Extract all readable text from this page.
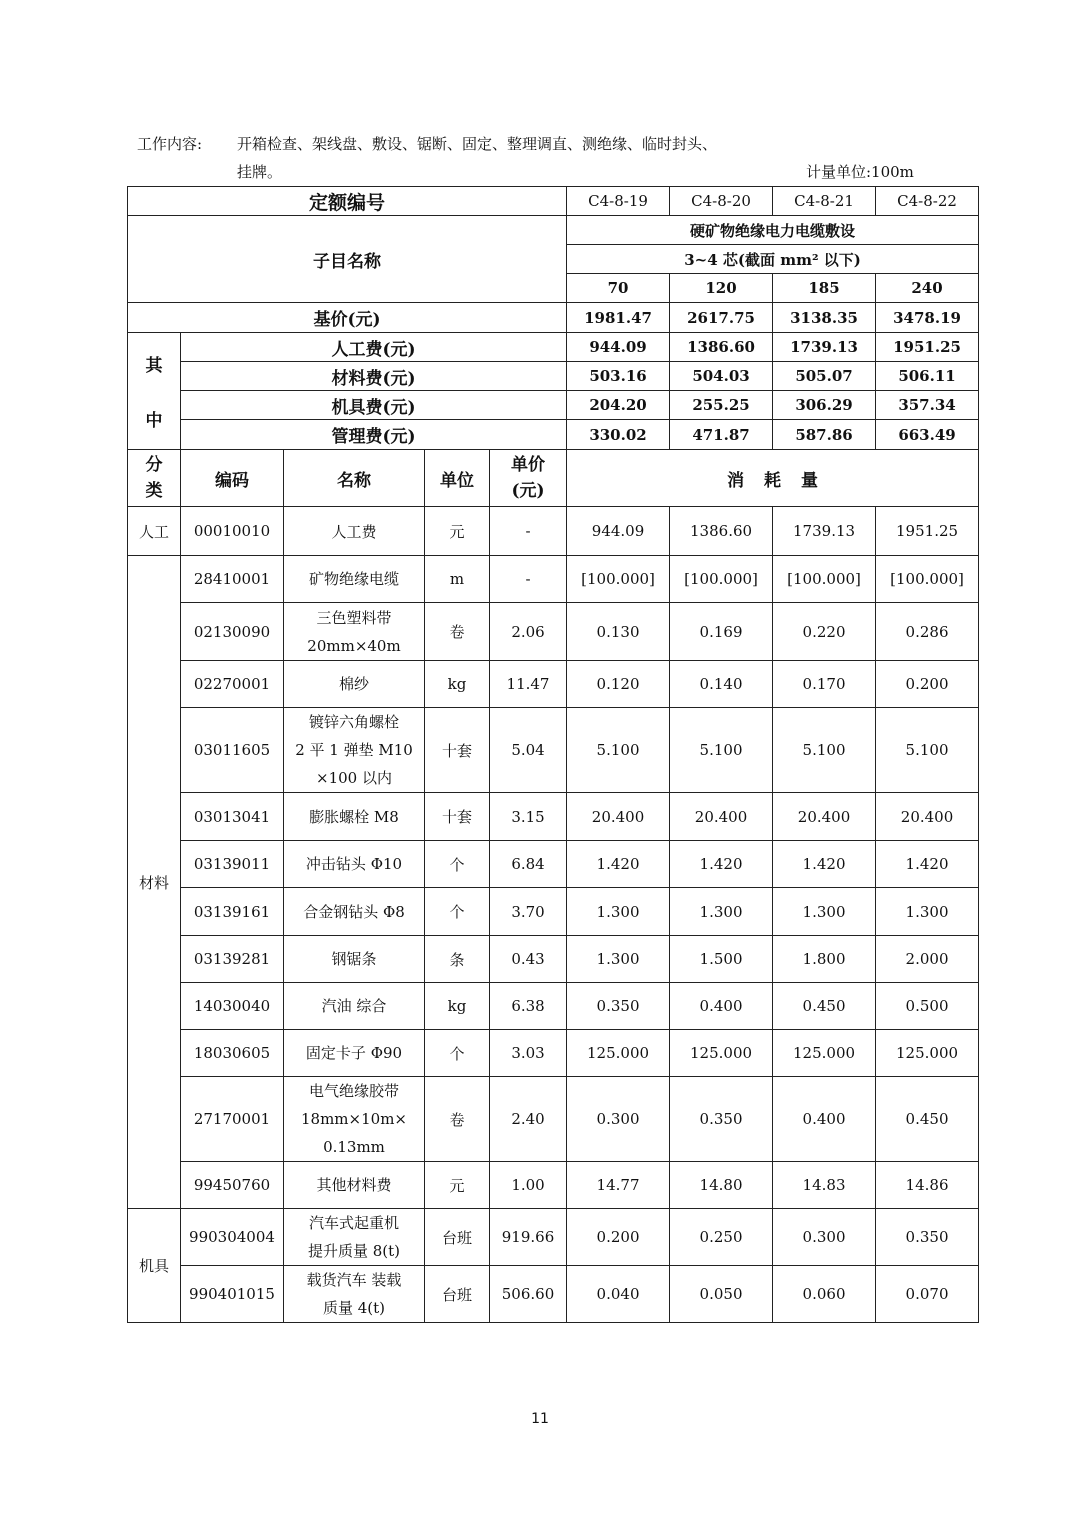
工作内容: 开箱检查、架线盘、敷设、锯断、固定、整理调直、测绝缘、临时封头、
挂牌。	计量单位:100m
定额编号					C4-8-19	C4-8-20	C4-8-21	C4-8-22
子目名称					硬矿物绝缘电力电缆敷设			
					3~4 芯(截面 mm² 以下)			
					70	120	185	240
基价(元)					1981.47	2617.75	3138.35	3478.19

其
中	人工费(元)				944.09	1386.60	1739.13	1951.25
	材料费(元)				503.16	504.03	505.07	506.11
	机具费(元)				204.20	255.25	306.29	357.34
	管理费(元)				330.02	471.87	587.86	663.49
分
类	编码	名称	单位	单价
(元)	消 耗 量			
人工	00010010	人工费	元	-	944.09	1386.60	1739.13	1951.25
材料	28410001	矿物绝缘电缆	m	-	[100.000]	[100.000]	[100.000]	[100.000]
	02130090	三色塑料带
20mm×40m	卷	2.06	0.130	0.169	0.220	0.286
	02270001	棉纱	kg	11.47	0.120	0.140	0.170	0.200
	03011605	镀锌六角螺栓
2 平 1 弹垫 M10
×100 以内	十套	5.04	5.100	5.100	5.100	5.100
	03013041	膨胀螺栓 M8	十套	3.15	20.400	20.400	20.400	20.400
	03139011	冲击钻头 Φ10	个	6.84	1.420	1.420	1.420	1.420
	03139161	合金钢钻头 Φ8	个	3.70	1.300	1.300	1.300	1.300
	03139281	钢锯条	条	0.43	1.300	1.500	1.800	2.000
	14030040	汽油 综合	kg	6.38	0.350	0.400	0.450	0.500
	18030605	固定卡子 Φ90	个	3.03	125.000	125.000	125.000	125.000
	27170001	电气绝缘胶带
18mm×10m×
0.13mm	卷	2.40	0.300	0.350	0.400	0.450
	99450760	其他材料费	元	1.00	14.77	14.80	14.83	14.86
机具	990304004	汽车式起重机
提升质量 8(t)	台班	919.66	0.200	0.250	0.300	0.350
	990401015	载货汽车 装载
质量 4(t)	台班	506.60	0.040	0.050	0.060	0.070
11
